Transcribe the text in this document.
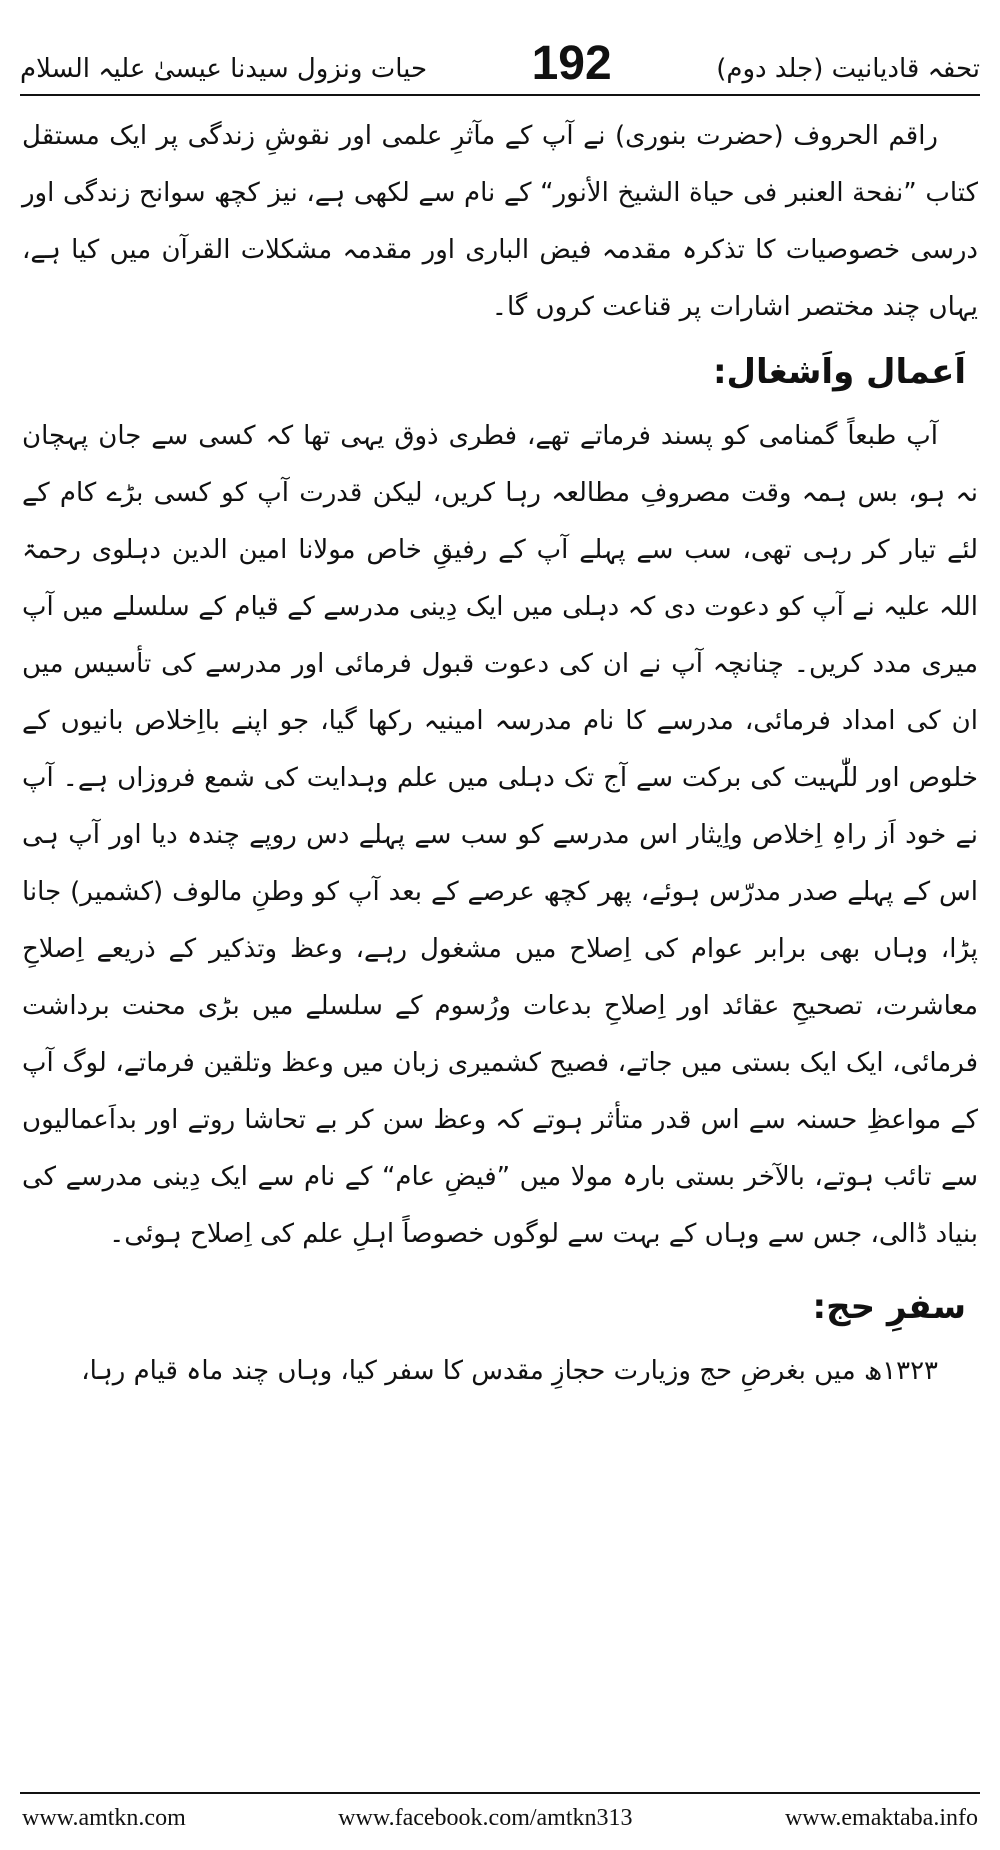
تحفہ قادیانیت (جلد دوم)
192
حیات ونزول سیدنا عیسیٰ علیہ السلام

راقم الحروف (حضرت بنوری) نے آپ کے مآثرِ علمی اور نقوشِ زندگی پر ایک مستقل کتاب ”نفحة العنبر فی حیاة الشیخ الأنور“ کے نام سے لکھی ہے، نیز کچھ سوانح زندگی اور درسی خصوصیات کا تذکرہ مقدمہ فیض الباری اور مقدمہ مشکلات القرآن میں کیا ہے، یہاں چند مختصر اشارات پر قناعت کروں گا۔

اَعمال واَشغال:

آپ طبعاً گمنامی کو پسند فرماتے تھے، فطری ذوق یہی تھا کہ کسی سے جان پہچان نہ ہو، بس ہمہ وقت مصروفِ مطالعہ رہا کریں، لیکن قدرت آپ کو کسی بڑے کام کے لئے تیار کر رہی تھی، سب سے پہلے آپ کے رفیقِ خاص مولانا امین الدین دہلوی رحمۃ اللہ علیہ نے آپ کو دعوت دی کہ دہلی میں ایک دِینی مدرسے کے قیام کے سلسلے میں آپ میری مدد کریں۔ چنانچہ آپ نے ان کی دعوت قبول فرمائی اور مدرسے کی تأسیس میں ان کی امداد فرمائی، مدرسے کا نام مدرسہ امینیہ رکھا گیا، جو اپنے بااِخلاص بانیوں کے خلوص اور للّٰہیت کی برکت سے آج تک دہلی میں علم وہدایت کی شمع فروزاں ہے۔ آپ نے خود اَز راہِ اِخلاص واِیثار اس مدرسے کو سب سے پہلے دس روپے چندہ دیا اور آپ ہی اس کے پہلے صدر مدرّس ہوئے، پھر کچھ عرصے کے بعد آپ کو وطنِ مالوف (کشمیر) جانا پڑا، وہاں بھی برابر عوام کی اِصلاح میں مشغول رہے، وعظ وتذکیر کے ذریعے اِصلاحِ معاشرت، تصحیحِ عقائد اور اِصلاحِ بدعات ورُسوم کے سلسلے میں بڑی محنت برداشت فرمائی، ایک ایک بستی میں جاتے، فصیح کشمیری زبان میں وعظ وتلقین فرماتے، لوگ آپ کے مواعظِ حسنہ سے اس قدر متأثر ہوتے کہ وعظ سن کر بے تحاشا روتے اور بداَعمالیوں سے تائب ہوتے، بالآخر بستی بارہ مولا میں ”فیضِ عام“ کے نام سے ایک دِینی مدرسے کی بنیاد ڈالی، جس سے وہاں کے بہت سے لوگوں خصوصاً اہلِ علم کی اِصلاح ہوئی۔

سفرِ حج:

۱۳۲۳ھ میں بغرضِ حج وزیارت حجازِ مقدس کا سفر کیا، وہاں چند ماہ قیام رہا،

www.amtkn.com	www.facebook.com/amtkn313	www.emaktaba.info
